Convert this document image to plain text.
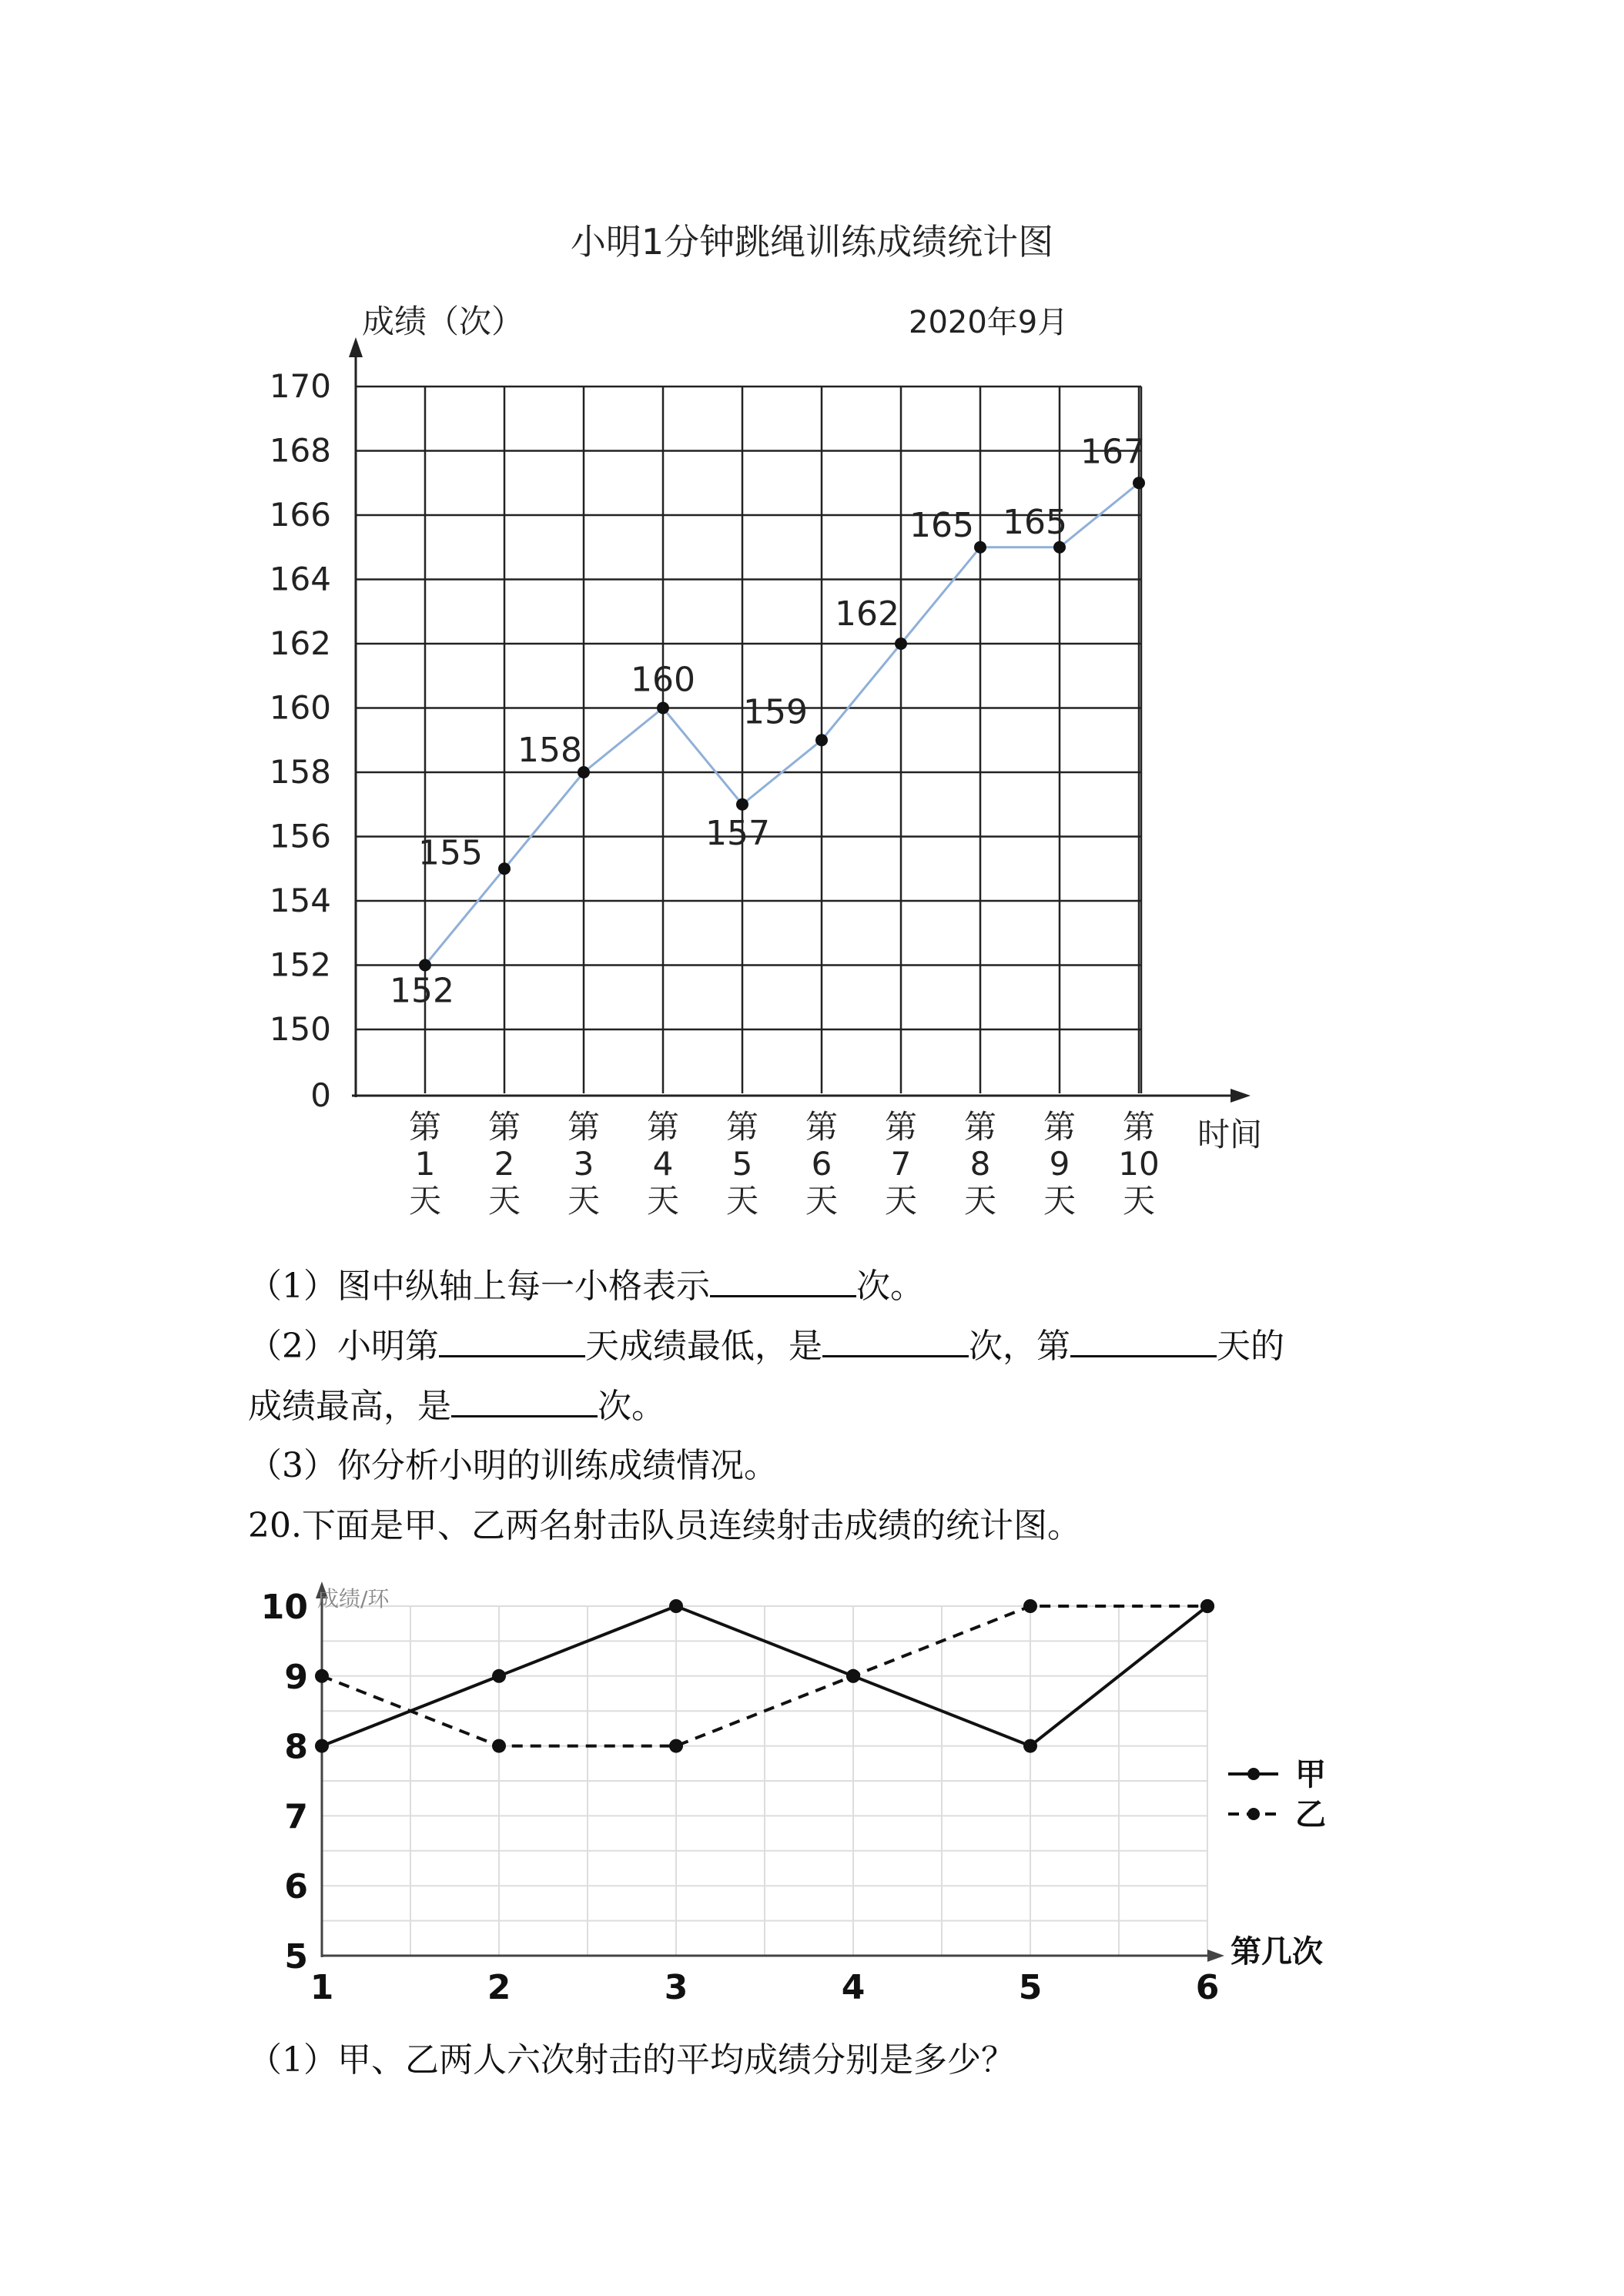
小明1分钟跳绳训练成绩统计图
成绩（次）	2020年9月
时间
0
150
152
154
156
158
160
162
164
166
168
170
第
1
天
第
2
天
第
3
天
第
4
天
第
5
天
第
6
天
第
7
天
第
8
天
第
9
天
第
10
天
152
155
158
160
157
159
162
165 165
167
（1）图中纵轴上每一小格表示	次。
（2）小明第	天成绩最低，是	次，第	天的
成绩最高，是	次。
（3）你分析小明的训练成绩情况。
20.下面是甲、乙两名射击队员连续射击成绩的统计图。
成绩/环
第几次
5
6
7
8
9
10
1	2	3	4	5	6
甲
乙
（1）甲、乙两人六次射击的平均成绩分别是多少？
